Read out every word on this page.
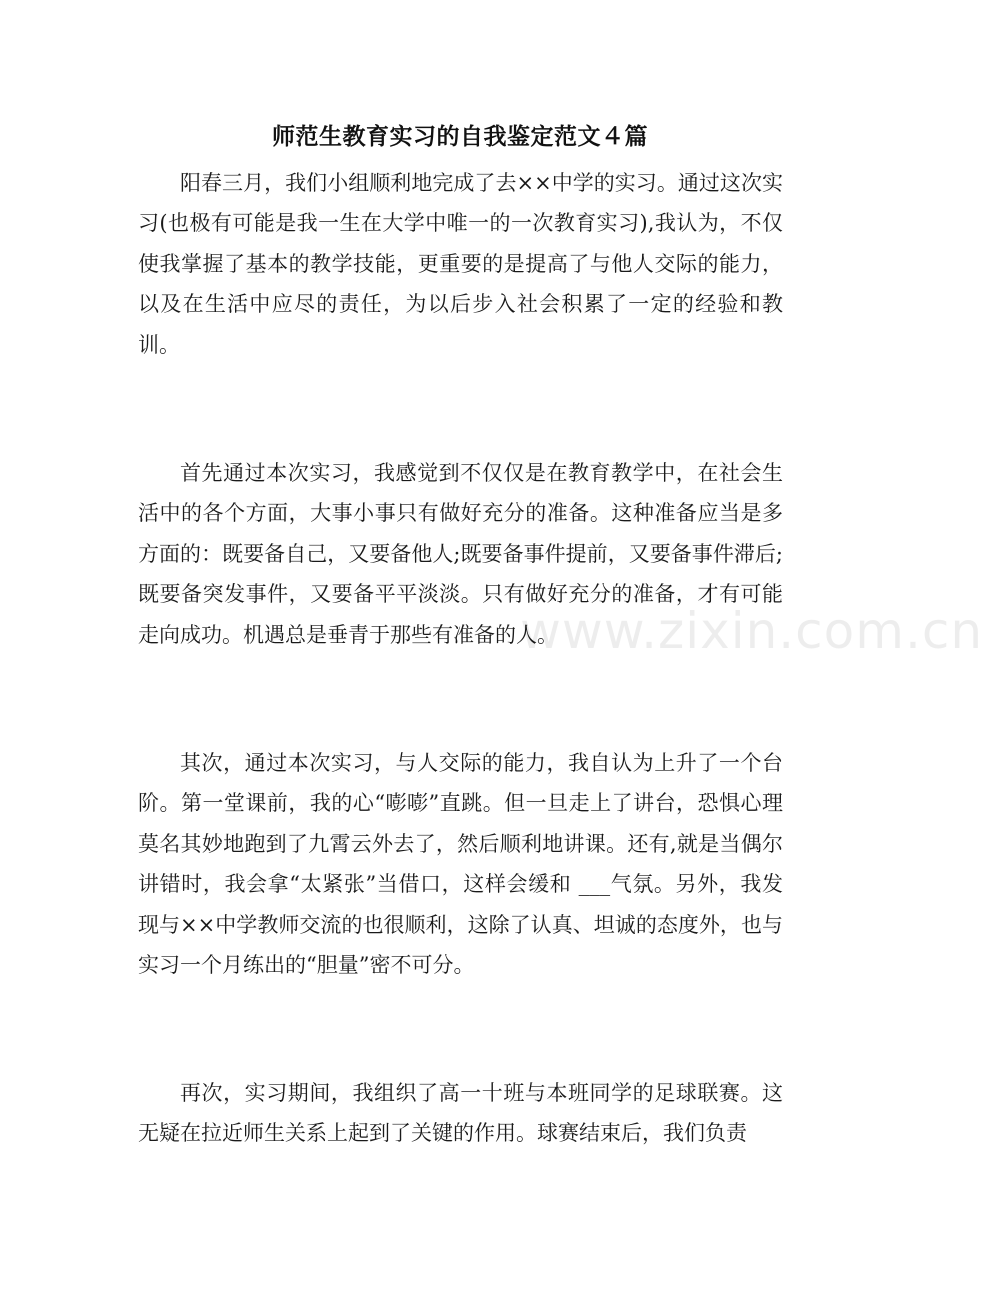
师范生教育实习的自我鉴定范文４篇

阳春三月，我们小组顺利地完成了去××中学的实习。通过这次实习(也极有可能是我一生在大学中唯一的一次教育实习),我认为，不仅使我掌握了基本的教学技能，更重要的是提高了与他人交际的能力，以及在生活中应尽的责任，为以后步入社会积累了一定的经验和教训。

首先通过本次实习，我感觉到不仅仅是在教育教学中，在社会生活中的各个方面，大事小事只有做好充分的准备。这种准备应当是多方面的：既要备自己，又要备他人;既要备事件提前，又要备事件滞后;既要备突发事件，又要备平平淡淡。只有做好充分的准备，才有可能走向成功。机遇总是垂青于那些有准备的人。

其次，通过本次实习，与人交际的能力，我自认为上升了一个台阶。第一堂课前，我的心“嘭嘭”直跳。但一旦走上了讲台，恐惧心理莫名其妙地跑到了九霄云外去了，然后顺利地讲课。还有,就是当偶尔讲错时，我会拿“太紧张”当借口，这样会缓和 ___气氛。另外，我发现与××中学教师交流的也很顺利，这除了认真、坦诚的态度外，也与实习一个月练出的“胆量”密不可分。

再次，实习期间，我组织了高一十班与本班同学的足球联赛。这无疑在拉近师生关系上起到了关键的作用。球赛结束后，我们负责

www.zixin.com.cn
